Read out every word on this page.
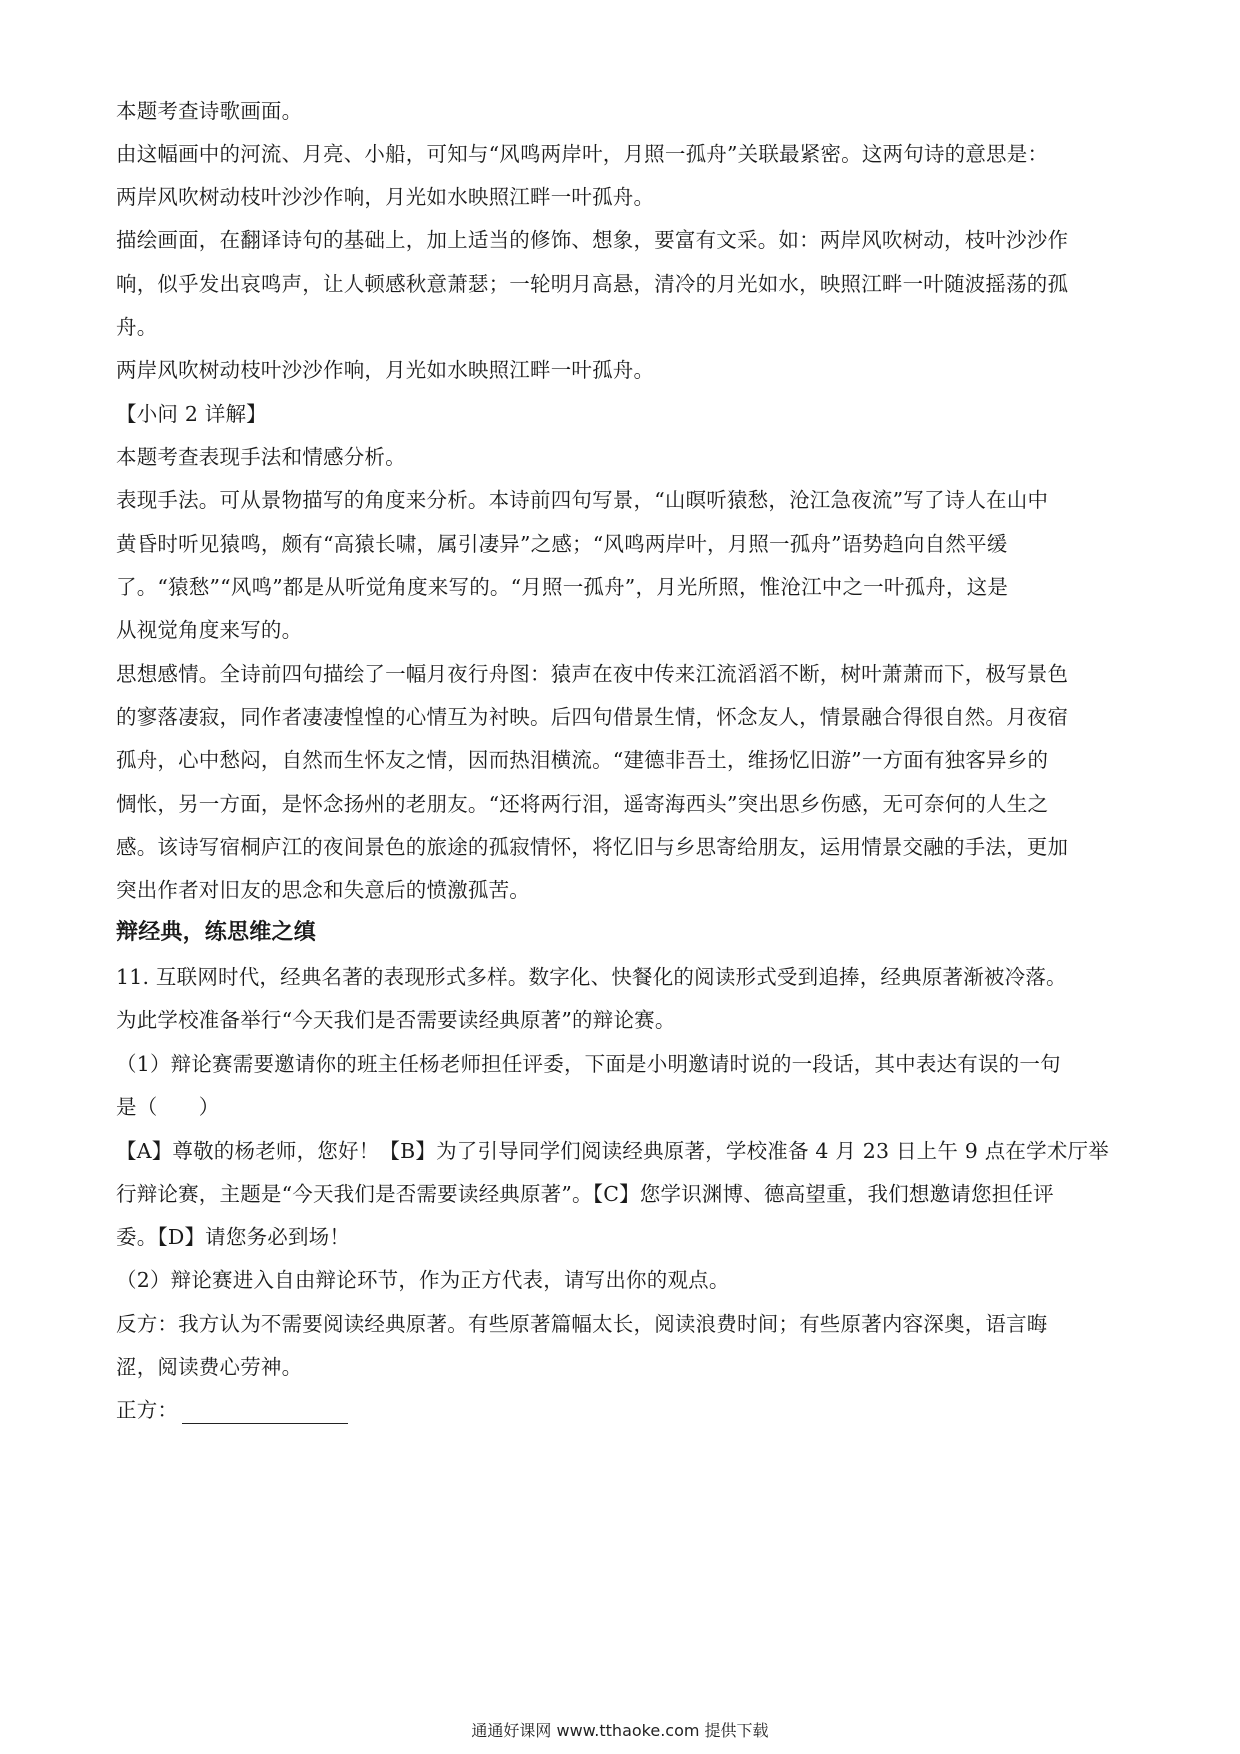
本题考查诗歌画面。
由这幅画中的河流、月亮、小船，可知与“风鸣两岸叶，月照一孤舟”关联最紧密。这两句诗的意思是：
两岸风吹树动枝叶沙沙作响，月光如水映照江畔一叶孤舟。
描绘画面，在翻译诗句的基础上，加上适当的修饰、想象，要富有文采。如：两岸风吹树动，枝叶沙沙作
响，似乎发出哀鸣声，让人顿感秋意萧瑟；一轮明月高悬，清冷的月光如水，映照江畔一叶随波摇荡的孤
舟。
两岸风吹树动枝叶沙沙作响，月光如水映照江畔一叶孤舟。
【小问 2 详解】
本题考查表现手法和情感分析。
表现手法。可从景物描写的角度来分析。本诗前四句写景，“山暝听猿愁，沧江急夜流”写了诗人在山中
黄昏时听见猿鸣，颇有“高猿长啸，属引凄异”之感；“风鸣两岸叶，月照一孤舟”语势趋向自然平缓
了。“猿愁”“风鸣”都是从听觉角度来写的。“月照一孤舟”，月光所照，惟沧江中之一叶孤舟，这是
从视觉角度来写的。
思想感情。全诗前四句描绘了一幅月夜行舟图：猿声在夜中传来江流滔滔不断，树叶萧萧而下，极写景色
的寥落凄寂，同作者凄凄惶惶的心情互为衬映。后四句借景生情，怀念友人，情景融合得很自然。月夜宿
孤舟，心中愁闷，自然而生怀友之情，因而热泪横流。“建德非吾土，维扬忆旧游”一方面有独客异乡的
惆怅，另一方面，是怀念扬州的老朋友。“还将两行泪，遥寄海西头”突出思乡伤感，无可奈何的人生之
感。该诗写宿桐庐江的夜间景色的旅途的孤寂情怀，将忆旧与乡思寄给朋友，运用情景交融的手法，更加
突出作者对旧友的思念和失意后的愤激孤苦。
辩经典，练思维之缜
11. 互联网时代，经典名著的表现形式多样。数字化、快餐化的阅读形式受到追捧，经典原著渐被冷落。
为此学校准备举行“今天我们是否需要读经典原著”的辩论赛。
（1）辩论赛需要邀请你的班主任杨老师担任评委，下面是小明邀请时说的一段话，其中表达有误的一句
是（　　）
【A】尊敬的杨老师，您好！【B】为了引导同学们阅读经典原著，学校准备 4 月 23 日上午 9 点在学术厅举
行辩论赛，主题是“今天我们是否需要读经典原著”。【C】您学识渊博、德高望重，我们想邀请您担任评
委。【D】请您务必到场！
（2）辩论赛进入自由辩论环节，作为正方代表，请写出你的观点。
反方：我方认为不需要阅读经典原著。有些原著篇幅太长，阅读浪费时间；有些原著内容深奥，语言晦
涩，阅读费心劳神。
正方：
通通好课网 www.tthaoke.com 提供下载
